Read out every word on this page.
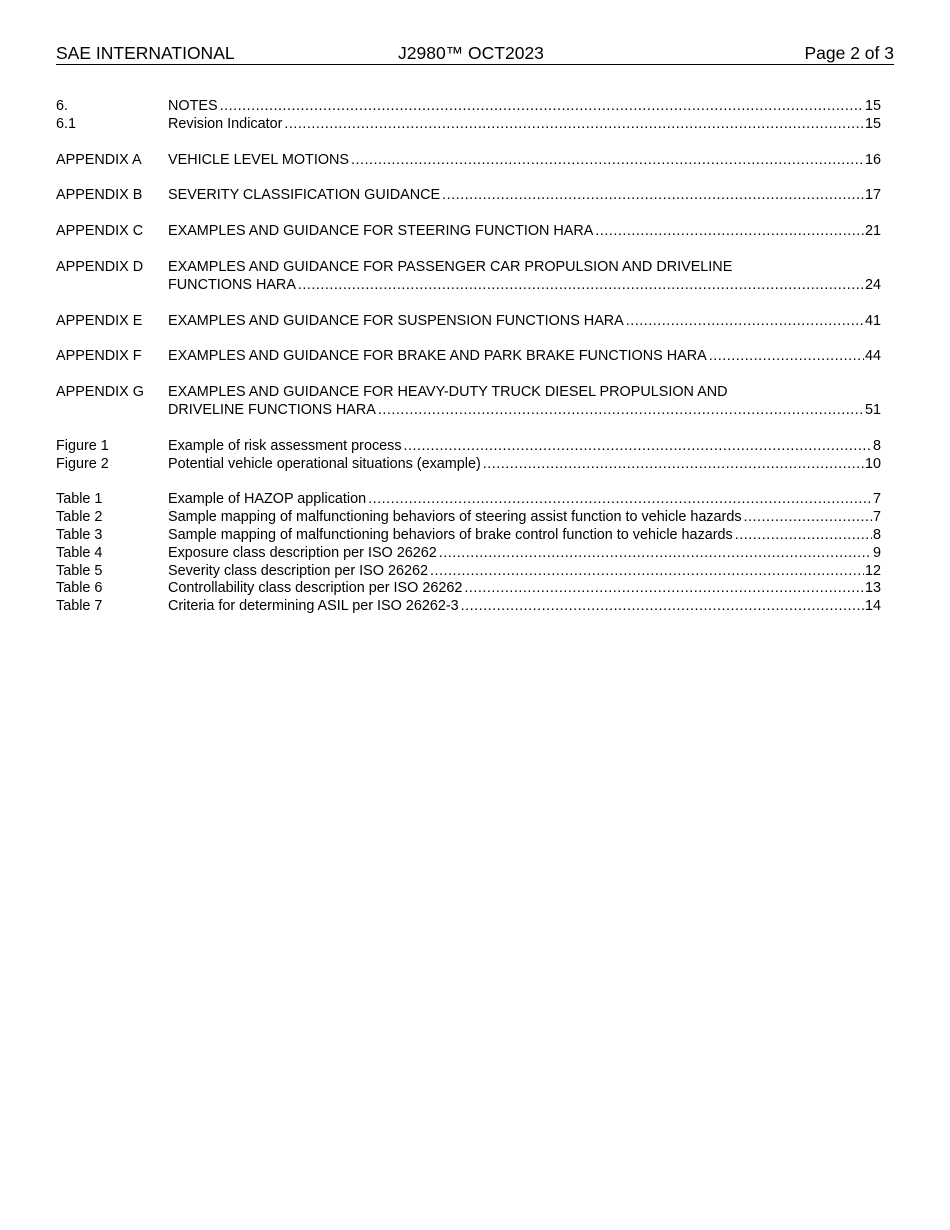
SAE INTERNATIONAL	J2980™ OCT2023	Page 2 of 3
6.	NOTES .....	15
6.1	Revision Indicator .....	15
APPENDIX A	VEHICLE LEVEL MOTIONS .....	16
APPENDIX B	SEVERITY CLASSIFICATION GUIDANCE .....	17
APPENDIX C	EXAMPLES AND GUIDANCE FOR STEERING FUNCTION HARA .....	21
APPENDIX D	EXAMPLES AND GUIDANCE FOR PASSENGER CAR PROPULSION AND DRIVELINE
FUNCTIONS HARA .....	24
APPENDIX E	EXAMPLES AND GUIDANCE FOR SUSPENSION FUNCTIONS HARA .....	41
APPENDIX F	EXAMPLES AND GUIDANCE FOR BRAKE AND PARK BRAKE FUNCTIONS HARA .....	44
APPENDIX G	EXAMPLES AND GUIDANCE FOR HEAVY-DUTY TRUCK DIESEL PROPULSION AND
DRIVELINE FUNCTIONS HARA .....	51
Figure 1	Example of risk assessment process .....	8
Figure 2	Potential vehicle operational situations (example) .....	10
Table 1	Example of HAZOP application .....	7
Table 2	Sample mapping of malfunctioning behaviors of steering assist function to vehicle hazards .....	7
Table 3	Sample mapping of malfunctioning behaviors of brake control function to vehicle hazards .....	8
Table 4	Exposure class description per ISO 26262 .....	9
Table 5	Severity class description per ISO 26262 .....	12
Table 6	Controllability class description per ISO 26262 .....	13
Table 7	Criteria for determining ASIL per ISO 26262-3 .....	14
